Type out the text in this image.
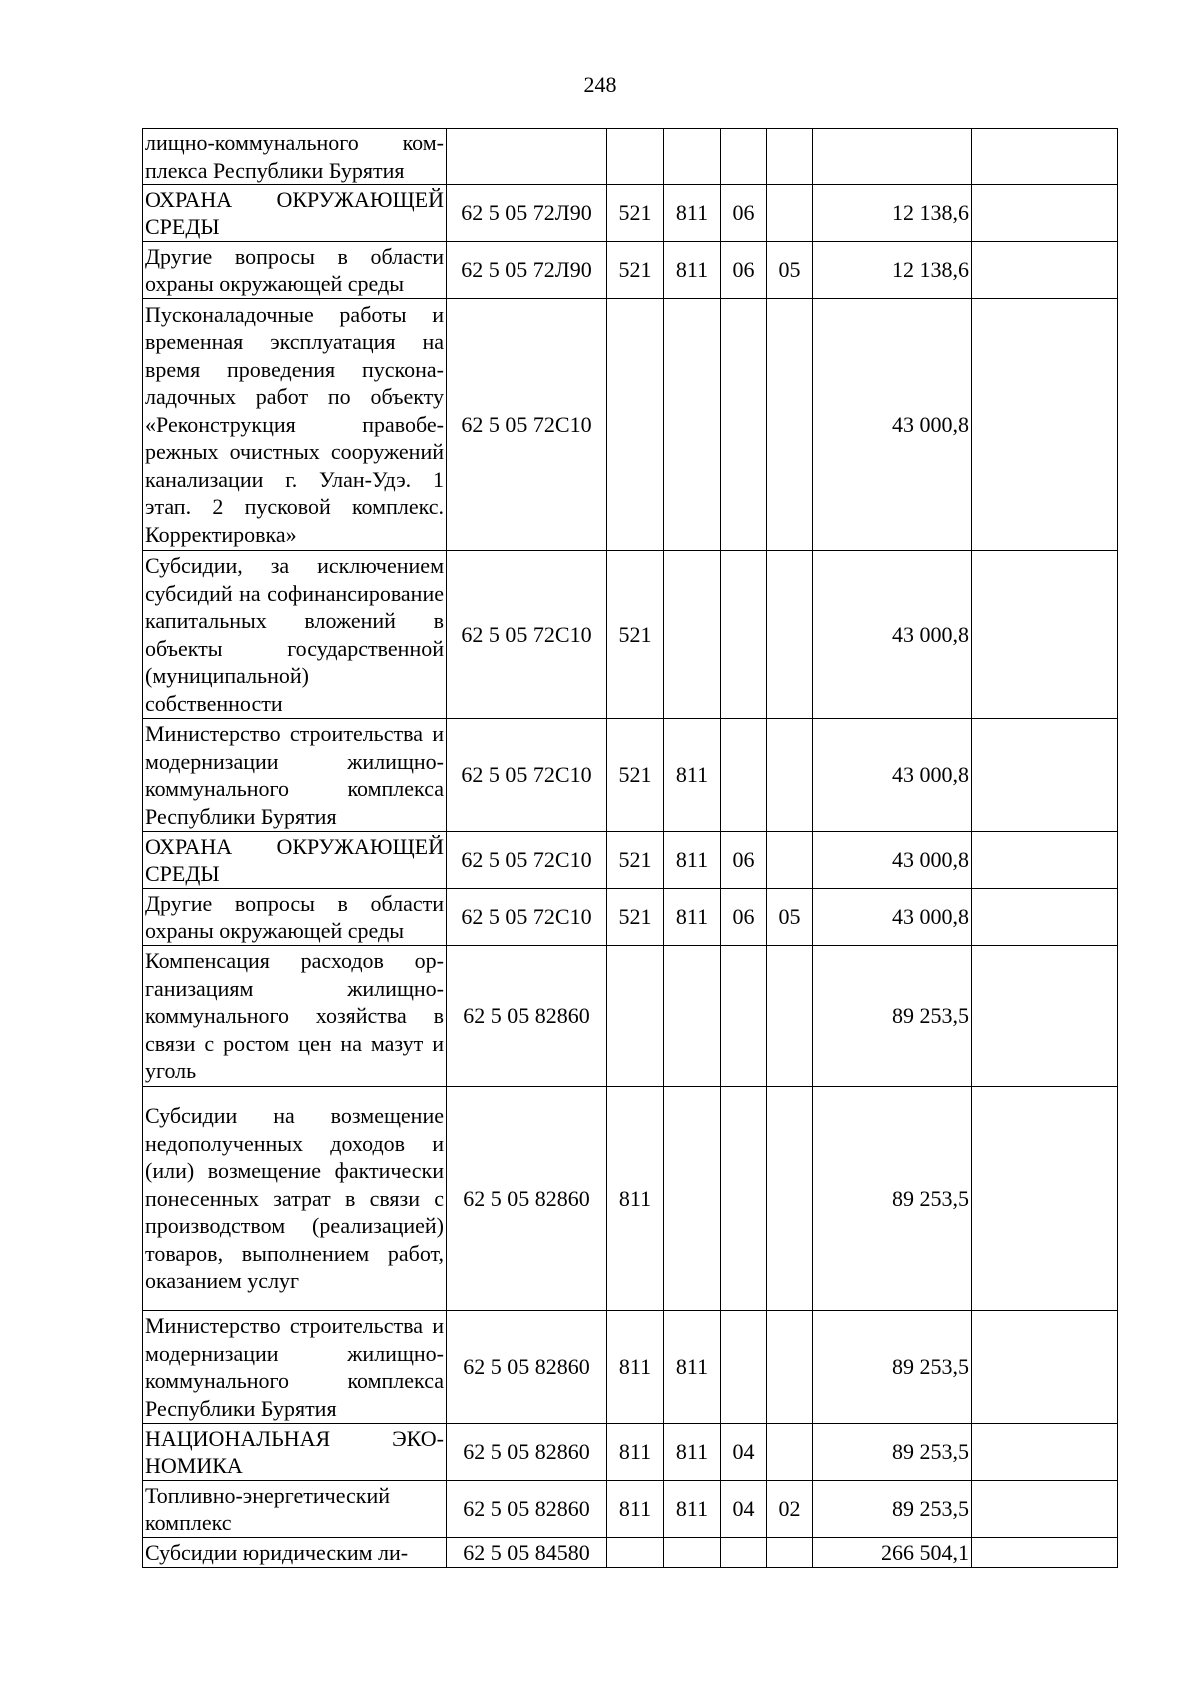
248
лищно-коммунального комплекса Республики Бурятия							
ОХРАНА ОКРУЖАЮЩЕЙ СРЕДЫ	62 5 05 72Л90	521	811	06		12 138,6	
Другие вопросы в области охраны окружающей среды	62 5 05 72Л90	521	811	06	05	12 138,6	
Пусконаладочные работы и временная эксплуатация на время проведения пусконаладочных работ по объекту «Реконструкция правобережных очистных сооружений канализации г. Улан-Удэ. 1 этап. 2 пусковой комплекс. Корректировка»	62 5 05 72С10					43 000,8	
Субсидии, за исключением субсидий на софинансирование капитальных вложений в объекты государственной (муниципальной) собственности	62 5 05 72С10	521				43 000,8	
Министерство строительства и модернизации жилищно-коммунального комплекса Республики Бурятия	62 5 05 72С10	521	811			43 000,8	
ОХРАНА ОКРУЖАЮЩЕЙ СРЕДЫ	62 5 05 72С10	521	811	06		43 000,8	
Другие вопросы в области охраны окружающей среды	62 5 05 72С10	521	811	06	05	43 000,8	
Компенсация расходов организациям жилищно-коммунального хозяйства в связи с ростом цен на мазут и уголь	62 5 05 82860					89 253,5	
Субсидии на возмещение недополученных доходов и (или) возмещение фактически понесенных затрат в связи с производством (реализацией) товаров, выполнением работ, оказанием услуг	62 5 05 82860	811				89 253,5	
Министерство строительства и модернизации жилищно-коммунального комплекса Республики Бурятия	62 5 05 82860	811	811			89 253,5	
НАЦИОНАЛЬНАЯ ЭКОНОМИКА	62 5 05 82860	811	811	04		89 253,5	
Топливно-энергетический комплекс	62 5 05 82860	811	811	04	02	89 253,5	
Субсидии юридическим ли-	62 5 05 84580					266 504,1	
